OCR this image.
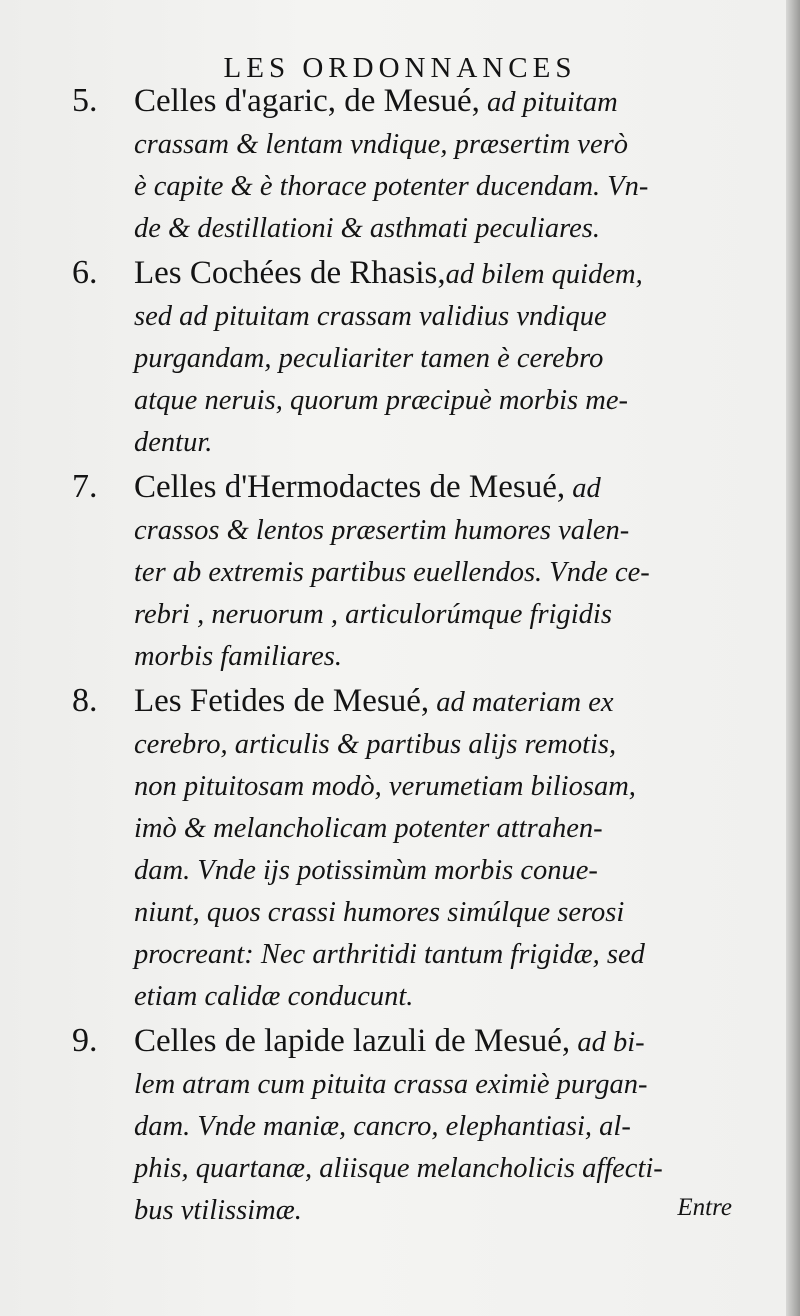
LES ORDONNANCES
5.	Celles d'agaric, de Mesué, ad pituitam
crassam & lentam vndique, præsertim verò
è capite & è thorace potenter ducendam. Vn-
de & destillationi & asthmati peculiares.
6.	Les Cochées de Rhasis,ad bilem quidem,
sed ad pituitam crassam validius vndique
purgandam, peculiariter tamen è cerebro
atque neruis, quorum præcipuè morbis me-
dentur.
7.	Celles d'Hermodactes de Mesué, ad
crassos & lentos præsertim humores valen-
ter ab extremis partibus euellendos. Vnde ce-
rebri , neruorum , articulorúmque frigidis
morbis familiares.
8.	Les Fetides de Mesué, ad materiam ex
cerebro, articulis & partibus alijs remotis,
non pituitosam modò, verumetiam biliosam,
imò & melancholicam potenter attrahen-
dam. Vnde ijs potissimùm morbis conue-
niunt, quos crassi humores simúlque serosi
procreant: Nec arthritidi tantum frigidæ, sed
etiam calidæ conducunt.
9.	Celles de lapide lazuli de Mesué, ad bi-
lem atram cum pituita crassa eximiè purgan-
dam. Vnde maniæ, cancro, elephantiasi, al-
phis, quartanæ, aliisque melancholicis affecti-
bus vtilissimæ.	Entre
